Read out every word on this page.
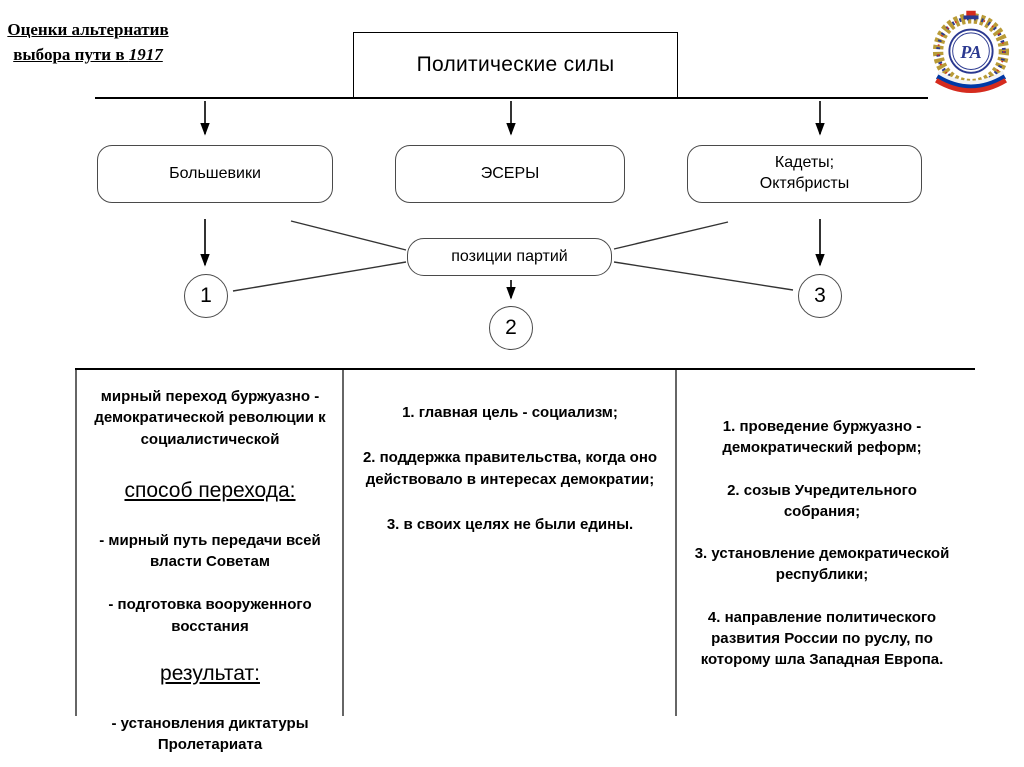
Оценки альтернатив
выбора пути в 1917	РА
Политические силы
Большевики	ЭСЕРЫ
Кадеты;
Октябристы
позиции партий
1
2
3

мирный переход буржуазно - демократической революции к социалистической

способ перехода:

- мирный путь передачи всей власти Советам

- подготовка вооруженного восстания

результат:

- установления диктатуры Пролетариата

1. главная цель - социализм;

2. поддержка правительства, когда оно действовало в интересах демократии;

3. в своих целях не были едины.

1. проведение буржуазно - демократический реформ;

2. созыв Учредительного собрания;

3. установление демократической республики;

4. направление политического развития России по руслу, по которому шла Западная Европа.
